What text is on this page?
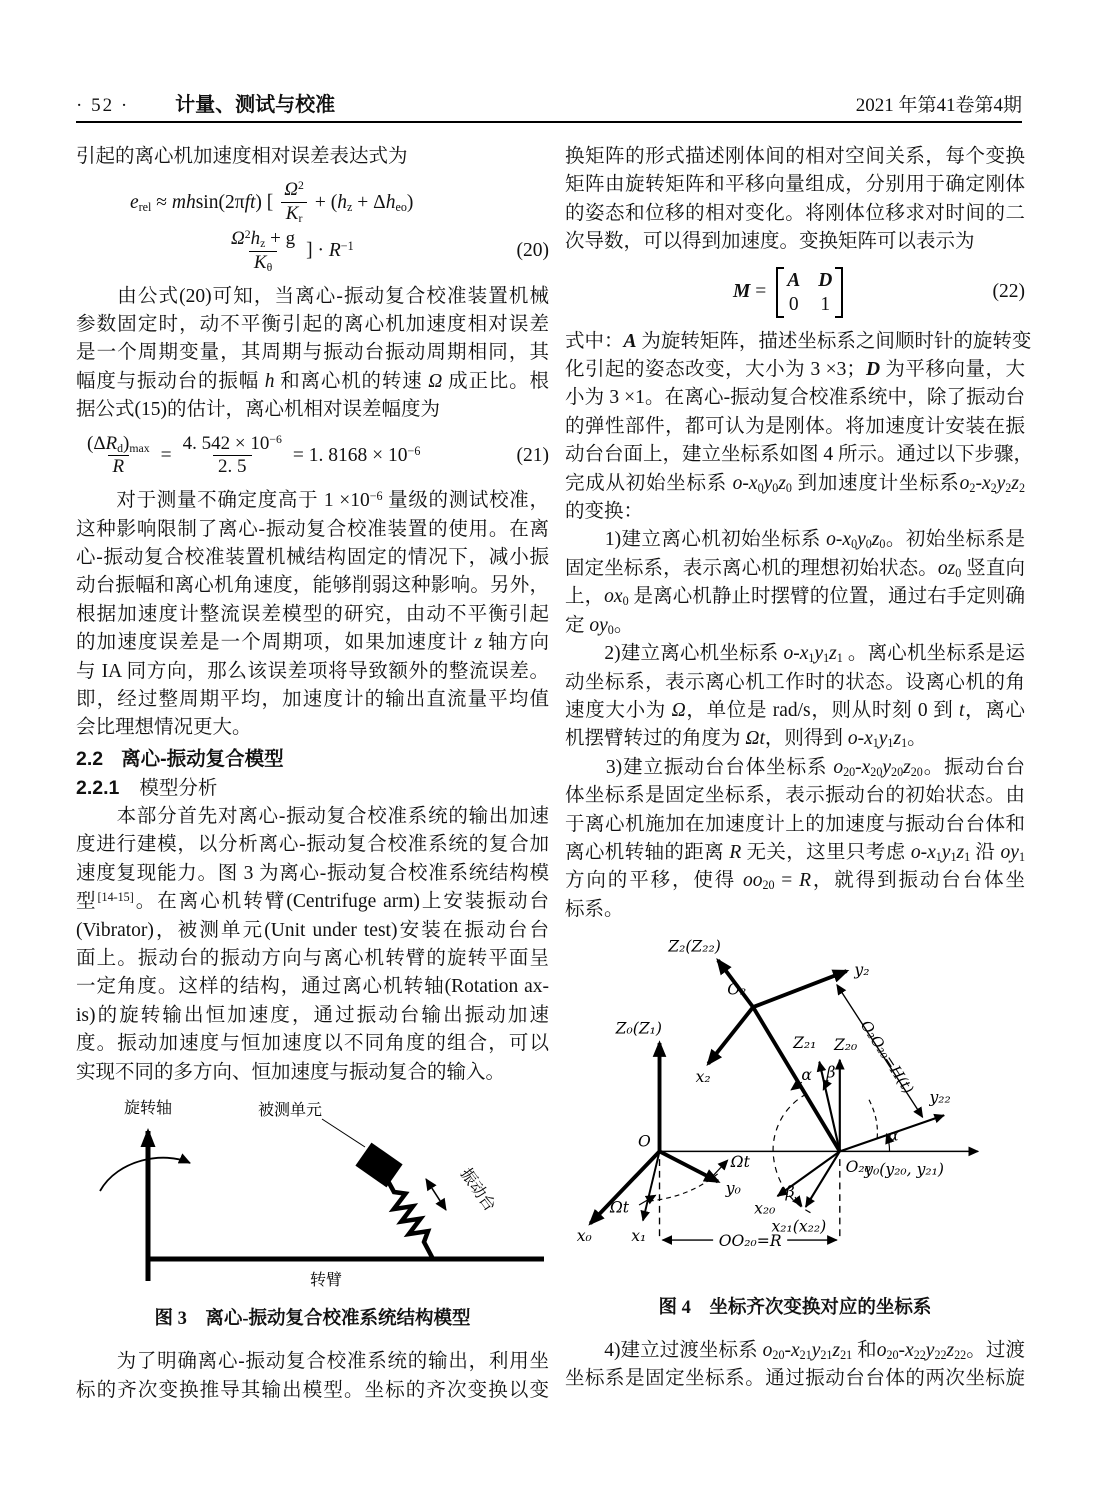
· 52 · 计量、测试与校准	2021 年第41卷第4期
引起的离心机加速度相对误差表达式为
$e_{rel} \approx mhsin(2\pi ft)$ [ $\frac{\Omega^2}{K_r} + (h_z + \Delta h_{eo})$
$\frac{\Omega^2h_z + g}{K_\theta}$ ] · $R^{-1}$	(20)
　　由公式(20)可知，当离心-振动复合校准装置机械
参数固定时，动不平衡引起的离心机加速度相对误差
是一个周期变量，其周期与振动台振动周期相同，其
幅度与振动台的振幅 h 和离心机的转速 Ω 成正比。根
据公式(15)的估计，离心机相对误差幅度为
$\frac{(\Delta R_d)_{max}}{R} = \frac{4. 542 \times 10^{-6}}{2. 5} = 1$. $8168 \times 10^{-6}$	(21)
　　对于测量不确定度高于 $1 \times 10^{-6}$ 量级的测试校准，
这种影响限制了离心-振动复合校准装置的使用。在离
心-振动复合校准装置机械结构固定的情况下，减小振
动台振幅和离心机角速度，能够削弱这种影响。另外，
根据加速度计整流误差模型的研究，由动不平衡引起
的加速度误差是一个周期项，如果加速度计 z 轴方向
与 IA 同方向，那么该误差项将导致额外的整流误差。
即，经过整周期平均，加速度计的输出直流量平均值
会比理想情况更大。
2.2 离心-振动复合模型
2.2.1 模型分析
　　本部分首先对离心-振动复合校准系统的输出加速
度进行建模，以分析离心-振动复合校准系统的复合加
速度复现能力。图 3 为离心-振动复合校准系统结构模
型[14-15]。在离心机转臂(Centrifuge arm)上安装振动台
(Vibrator)，被测单元(Unit under test)安装在振动台台
面上。振动台的振动方向与离心机转臂的旋转平面呈
一定角度。这样的结构，通过离心机转轴(Rotation ax-
is)的旋转输出恒加速度，通过振动台输出振动加速
度。振动加速度与恒加速度以不同角度的组合，可以
实现不同的多方向、恒加速度与振动复合的输入。
旋转轴	被测单元
振动台
转臂
图 3　离心-振动复合校准系统结构模型
　　为了明确离心-振动复合校准系统的输出，利用坐
标的齐次变换推导其输出模型。坐标的齐次变换以变
换矩阵的形式描述刚体间的相对空间关系，每个变换
矩阵由旋转矩阵和平移向量组成，分别用于确定刚体
的姿态和位移的相对变化。将刚体位移求对时间的二
次导数，可以得到加速度。变换矩阵可以表示为
M =
A D
0 1
(22)
式中：A 为旋转矩阵，描述坐标系之间顺时针的旋转变
化引起的姿态改变，大小为 3 ×3；D 为平移向量，大
小为 3 ×1。在离心-振动复合校准系统中，除了振动台
的弹性部件，都可认为是刚体。将加速度计安装在振
动台台面上，建立坐标系如图 4 所示。通过以下步骤，
完成从初始坐标系 $o-x_0y_0z_0$ 到加速度计坐标系$o_2-x_2y_2z_2$
的变换：
　　1)建立离心机初始坐标系 $o-x_0y_0z_0$。初始坐标系是
固定坐标系，表示离心机的理想初始状态。$oz_0$ 竖直向
上，$ox_0$ 是离心机静止时摆臂的位置，通过右手定则确
定 $oy_0$。
　　2)建立离心机坐标系 $o-x_1y_1z_1$ 。离心机坐标系是运
动坐标系，表示离心机工作时的状态。设离心机的角
速度大小为 Ω，单位是 rad/s，则从时刻 0 到 t，离心
机摆臂转过的角度为 Ωt，则得到 $o-x_1y_1z_1$。
　　3)建立振动台台体坐标系 $o_{20}-x_{20}y_{20}z_{20}$。振动台台
体坐标系是固定坐标系，表示振动台的初始状态。由
于离心机施加在加速度计上的加速度与振动台台体和
离心机转轴的距离 R 无关，这里只考虑 $o-x_1y_1z_1$ 沿 $oy_1$
方向的平移，使得 $oo_{20} = R$，就得到振动台台体坐
标系。
OO₂₀=R
Z₀(Z₁)
O
x₀ x₁
y₀
Ωt
Ωt
y₀(y₂₀, y₂₁)
O₂₀
Z₂₀
Z₂₁
Z₂(Z₂₂)
O₂
y₂
x₂
y₂₂
x₂₀
x₂₁(x₂₂)
α β
α
β
O₂O₂₀=H(t)
图 4　坐标齐次变换对应的坐标系
　　4)建立过渡坐标系 $o_{20}-x_{21}y_{21}z_{21}$ 和$o_{20}-x_{22}y_{22}z_{22}$。过渡
坐标系是固定坐标系。通过振动台台体的两次坐标旋
